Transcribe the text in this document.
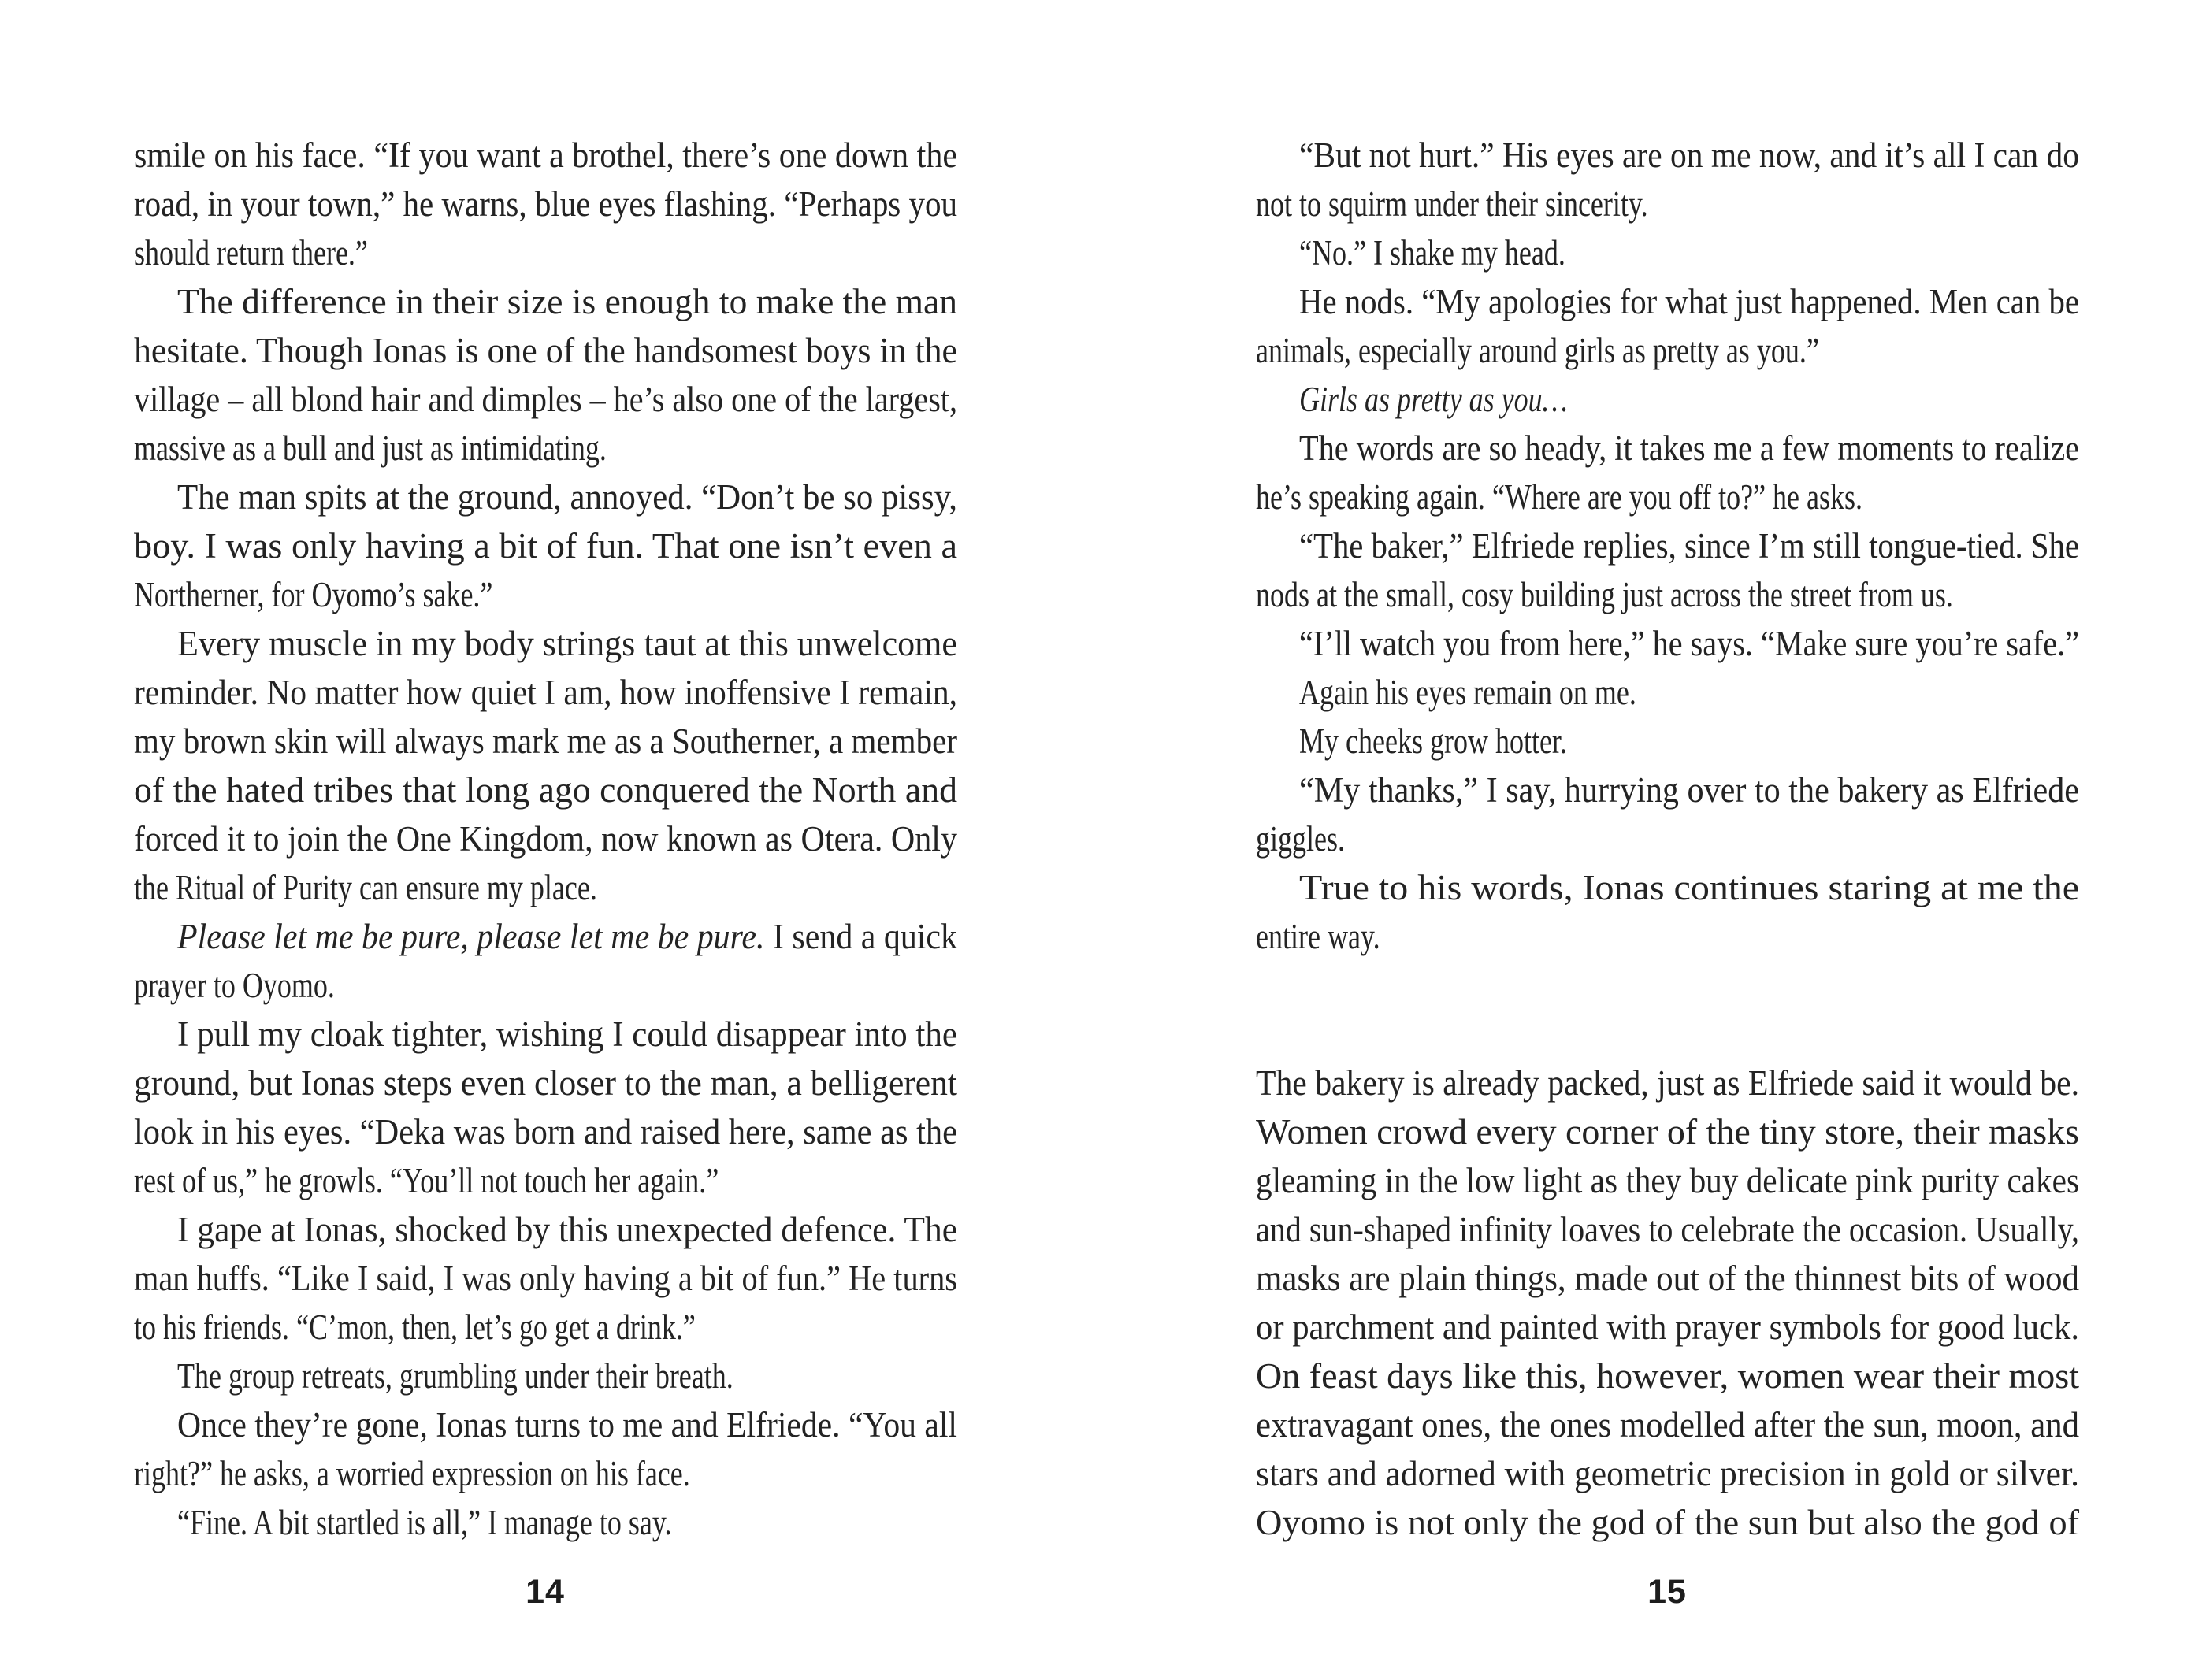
smile on his face. “If you want a brothel, there’s one down the
road, in your town,” he warns, blue eyes flashing. “Perhaps you
should return there.”
The difference in their size is enough to make the man
hesitate. Though Ionas is one of the handsomest boys in the
village – all blond hair and dimples – he’s also one of the largest,
massive as a bull and just as intimidating.
The man spits at the ground, annoyed. “Don’t be so pissy,
boy. I was only having a bit of fun. That one isn’t even a
Northerner, for Oyomo’s sake.”
Every muscle in my body strings taut at this unwelcome
reminder. No matter how quiet I am, how inoffensive I remain,
my brown skin will always mark me as a Southerner, a member
of the hated tribes that long ago conquered the North and
forced it to join the One Kingdom, now known as Otera. Only
the Ritual of Purity can ensure my place.
Please let me be pure, please let me be pure. I send a quick
prayer to Oyomo.
I pull my cloak tighter, wishing I could disappear into the
ground, but Ionas steps even closer to the man, a belligerent
look in his eyes. “Deka was born and raised here, same as the
rest of us,” he growls. “You’ll not touch her again.”
I gape at Ionas, shocked by this unexpected defence. The
man huffs. “Like I said, I was only having a bit of fun.” He turns
to his friends. “C’mon, then, let’s go get a drink.”
The group retreats, grumbling under their breath.
Once they’re gone, Ionas turns to me and Elfriede. “You all
right?” he asks, a worried expression on his face.
“Fine. A bit startled is all,” I manage to say.
“But not hurt.” His eyes are on me now, and it’s all I can do
not to squirm under their sincerity.
“No.” I shake my head.
He nods. “My apologies for what just happened. Men can be
animals, especially around girls as pretty as you.”
Girls as pretty as you…
The words are so heady, it takes me a few moments to realize
he’s speaking again. “Where are you off to?” he asks.
“The baker,” Elfriede replies, since I’m still tongue-tied. She
nods at the small, cosy building just across the street from us.
“I’ll watch you from here,” he says. “Make sure you’re safe.”
Again his eyes remain on me.
My cheeks grow hotter.
“My thanks,” I say, hurrying over to the bakery as Elfriede
giggles.
True to his words, Ionas continues staring at me the
entire way.
The bakery is already packed, just as Elfriede said it would be.
Women crowd every corner of the tiny store, their masks
gleaming in the low light as they buy delicate pink purity cakes
and sun-shaped infinity loaves to celebrate the occasion. Usually,
masks are plain things, made out of the thinnest bits of wood
or parchment and painted with prayer symbols for good luck.
On feast days like this, however, women wear their most
extravagant ones, the ones modelled after the sun, moon, and
stars and adorned with geometric precision in gold or silver.
Oyomo is not only the god of the sun but also the god of
14	15
